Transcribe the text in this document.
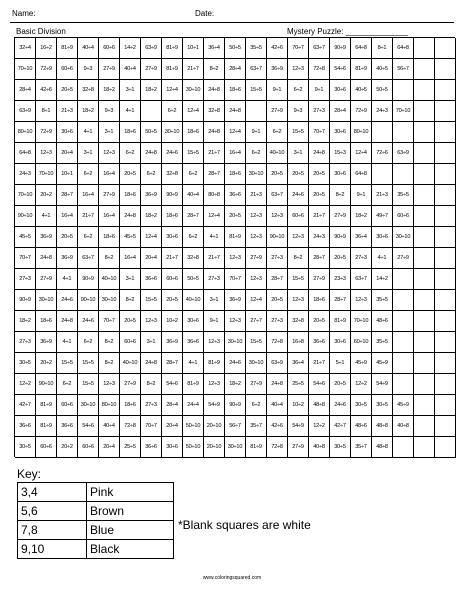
Name:	Date:
Basic Division	Mystery Puzzle: ______________
32÷4	16÷2	81÷9	40÷4	60÷6	14÷2	63÷9	81÷9	10÷1	36÷4	50÷5	35÷5	42÷6	70÷7	63÷7	90÷9	64÷8	8÷1	64÷8
70÷10	72÷9	60÷6	9÷3	27÷9	40÷4	27÷9	81÷9	21÷7	8÷2	28÷4	63÷7	36÷9	12÷3	72÷8	54÷6	81÷9	40÷5	56÷7
28÷4	42÷6	20÷5	32÷8	18÷2	3÷1	18÷2	12÷4	30÷10	24÷8	18÷6	15÷5	9÷1	6÷2	9÷1	30÷6	40÷5	50÷5
63÷9	8÷1	21÷3	18÷2	9÷3	4÷1	6÷2	12÷4	32÷8	24÷8	27÷9	9÷3	27÷3	28÷4	72÷9	24÷3	70÷10
80÷10	72÷9	30÷6	4÷1	3÷1	18÷6	50÷5	30÷10	18÷6	24÷8	12÷4	9÷1	6÷2	15÷5	70÷7	30÷6	80÷10
64÷8	12÷3	20÷4	3÷1	12÷3	6÷2	24÷8	24÷6	15÷5	21÷7	16÷4	6÷2	40÷10	3÷1	24÷8	15÷3	12÷4	72÷6	63÷9
24÷3	70÷10	10÷1	6÷2	16÷4	20÷5	6÷2	32÷8	6÷2	28÷7	18÷6	30÷10	20÷5	20÷5	20÷5	30÷6	64÷8
70÷10	20÷2	28÷7	16÷4	27÷9	18÷6	36÷9	90÷9	40÷4	80÷8	36÷6	21÷3	63÷7	24÷6	20÷5	8÷2	9÷1	21÷3	35÷5
90÷10	4÷1	16÷4	21÷7	16÷4	24÷8	18÷2	18÷6	28÷7	12÷4	20÷5	12÷3	12÷3	60÷6	21÷7	27÷9	18÷2	49÷7	60÷6
45÷5	36÷9	20÷5	6÷2	18÷6	45÷5	12÷4	30÷6	6÷2	4÷1	81÷9	12÷3	90÷10	12÷3	24÷3	90÷9	36÷4	30÷6	30÷10
70÷7	24÷8	36÷9	63÷7	8÷2	16÷4	20÷4	21÷7	32÷8	21÷7	12÷3	27÷9	27÷3	8÷2	28÷7	20÷5	27÷3	4÷1	27÷9
27÷3	27÷9	4÷1	90÷9	40÷10	3÷1	36÷6	60÷6	50÷5	27÷3	70÷7	12÷3	28÷7	15÷5	27÷9	23÷3	63÷7	14÷2
90÷9	30÷10	24÷6	90÷10	30÷10	8÷2	15÷5	20÷5	40÷10	3÷1	36÷9	12÷4	20÷5	12÷3	18÷6	28÷7	12÷3	35÷5
18÷2	18÷6	24÷8	24÷6	70÷7	20÷5	12÷3	10÷2	30÷6	9÷1	12÷3	27÷7	27÷3	32÷8	20÷5	81÷9	70÷10	48÷6
27÷3	36÷9	4÷1	6÷2	8÷2	60÷6	3÷1	36÷9	36÷6	12÷3	30÷10	15÷5	72÷8	16÷8	36÷6	30÷6	60÷10	35÷5
30÷5	20÷2	15÷5	15÷5	8÷2	40÷10	24÷8	28÷7	4÷1	81÷9	24÷6	30÷10	63÷9	36÷4	21÷7	5÷1	45÷9	45÷9
12÷2	90÷10	6÷2	15÷5	12÷3	27÷9	8÷2	54÷6	81÷9	12÷3	18÷2	27÷9	24÷8	25÷5	54÷6	20÷5	12÷2	54÷9
42÷7	81÷9	60÷6	30÷10	80÷10	18÷6	27÷3	28÷4	24÷4	54÷9	90÷9	6÷2	40÷4	10÷2	48÷8	24÷6	30÷5	30÷5	45÷9
36÷6	81÷9	36÷6	54÷6	40÷4	72÷8	70÷7	20÷4	50÷10	20÷10	56÷7	35÷7	42÷6	54÷9	12÷2	42÷7	48÷6	48÷8	40÷8
30÷5	60÷6	20÷2	60÷6	20÷4	25÷5	36÷6	30÷6	50÷10	20÷10	30÷10	81÷9	72÷8	27÷9	40÷8	30÷5	35÷7	48÷8
Key:
3,4	Pink
5,6	Brown
7,8	Blue
9,10	Black
*Blank squares are white
www.coloringsquared.com
